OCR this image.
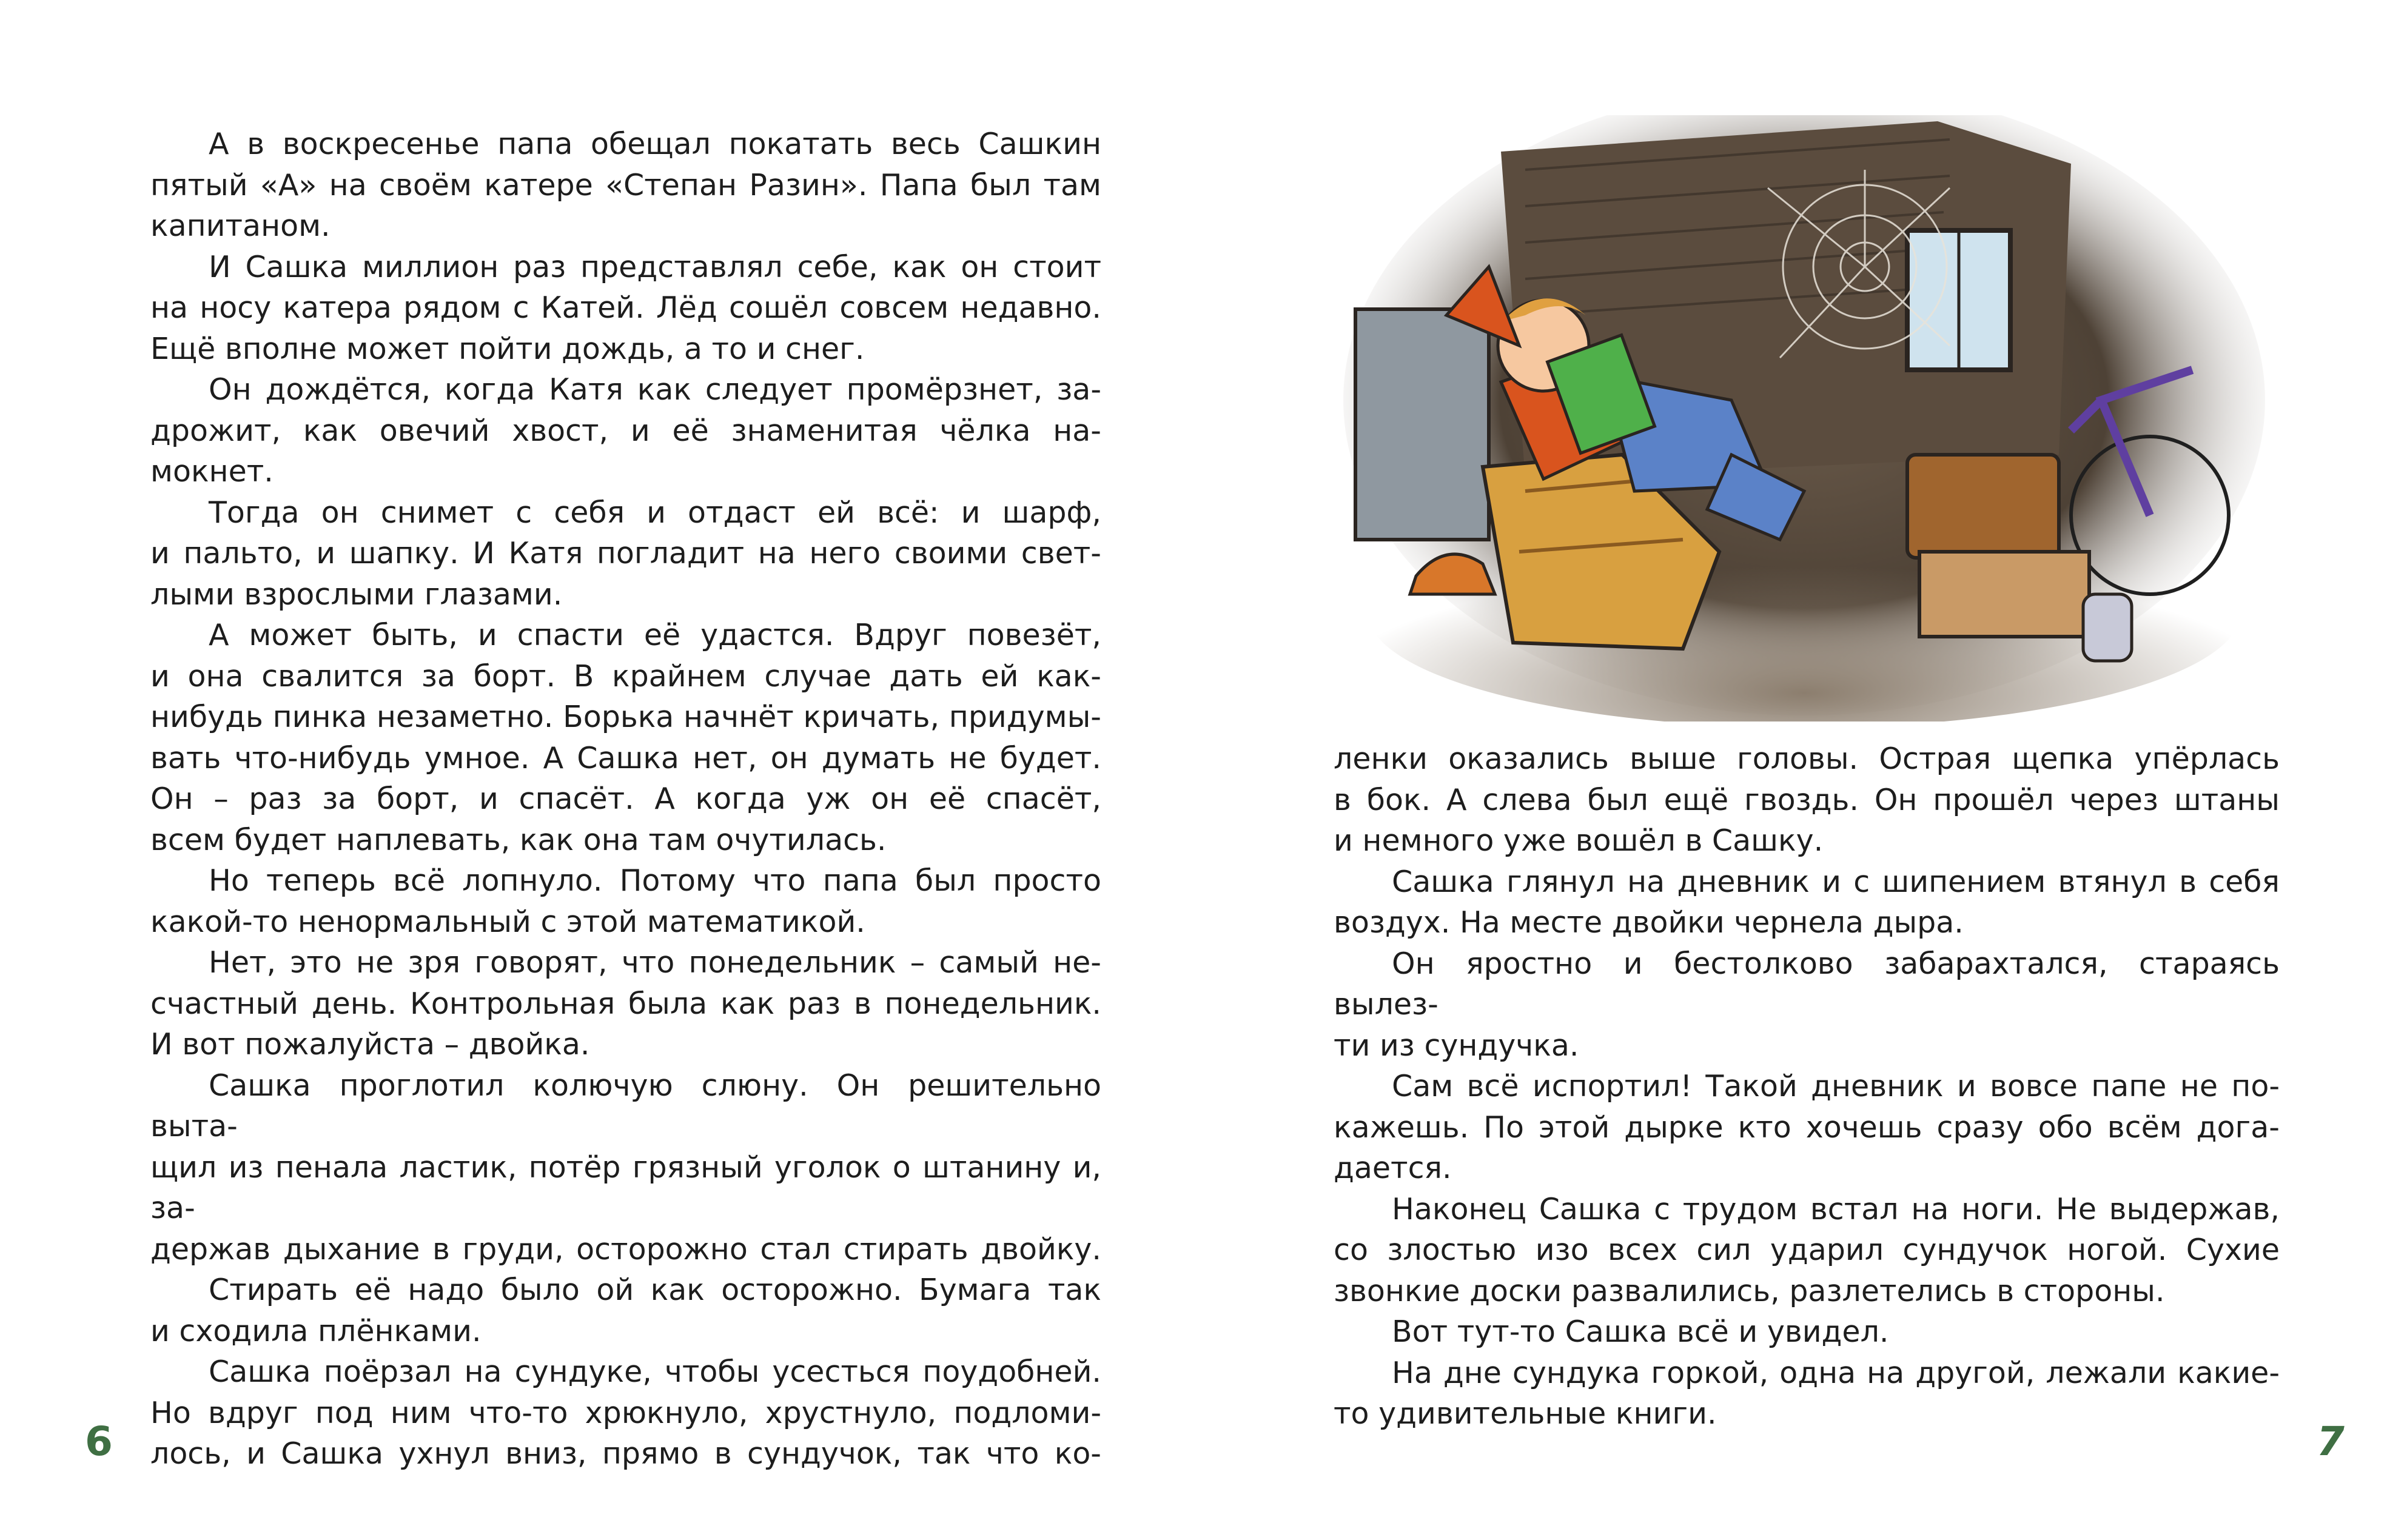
А в воскресенье папа обещал покатать весь Сашкин

пятый «А» на своём катере «Степан Разин». Папа был там

капитаном.

И Сашка миллион раз представлял себе, как он стоит

на носу катера рядом с Катей. Лёд сошёл совсем недавно.

Ещё вполне может пойти дождь, а то и снег.

Он дождётся, когда Катя как следует промёрзнет, за-

дрожит, как овечий хвост, и её знаменитая чёлка на-

мокнет.

Тогда он снимет с себя и отдаст ей всё: и шарф,

и пальто, и шапку. И Катя погладит на него своими свет-

лыми взрослыми глазами.

А может быть, и спасти её удастся. Вдруг повезёт,

и она свалится за борт. В крайнем случае дать ей как-

нибудь пинка незаметно. Борька начнёт кричать, придумы-

вать что-нибудь умное. А Сашка нет, он думать не будет.

Он – раз за борт, и спасёт. А когда уж он её спасёт,

всем будет наплевать, как она там очутилась.

Но теперь всё лопнуло. Потому что папа был просто

какой-то ненормальный с этой математикой.

Нет, это не зря говорят, что понедельник – самый не-

счастный день. Контрольная была как раз в понедельник.

И вот пожалуйста – двойка.

Сашка проглотил колючую слюну. Он решительно выта-

щил из пенала ластик, потёр грязный уголок о штанину и, за-

держав дыхание в груди, осторожно стал стирать двойку.

Стирать её надо было ой как осторожно. Бумага так

и сходила плёнками.

Сашка поёрзал на сундуке, чтобы усесться поудобней.

Но вдруг под ним что-то хрюкнуло, хрустнуло, подломи-

лось, и Сашка ухнул вниз, прямо в сундучок, так что ко-

6

ленки оказались выше головы. Острая щепка упёрлась

в бок. А слева был ещё гвоздь. Он прошёл через штаны

и немного уже вошёл в Сашку.

Сашка глянул на дневник и с шипением втянул в себя

воздух. На месте двойки чернела дыра.

Он яростно и бестолково забарахтался, стараясь вылез-

ти из сундучка.

Сам всё испортил! Такой дневник и вовсе папе не по-

кажешь. По этой дырке кто хочешь сразу обо всём дога-

дается.

Наконец Сашка с трудом встал на ноги. Не выдержав,

со злостью изо всех сил ударил сундучок ногой. Сухие

звонкие доски развалились, разлетелись в стороны.

Вот тут-то Сашка всё и увидел.

На дне сундука горкой, одна на другой, лежали какие-

то удивительные книги.

7
